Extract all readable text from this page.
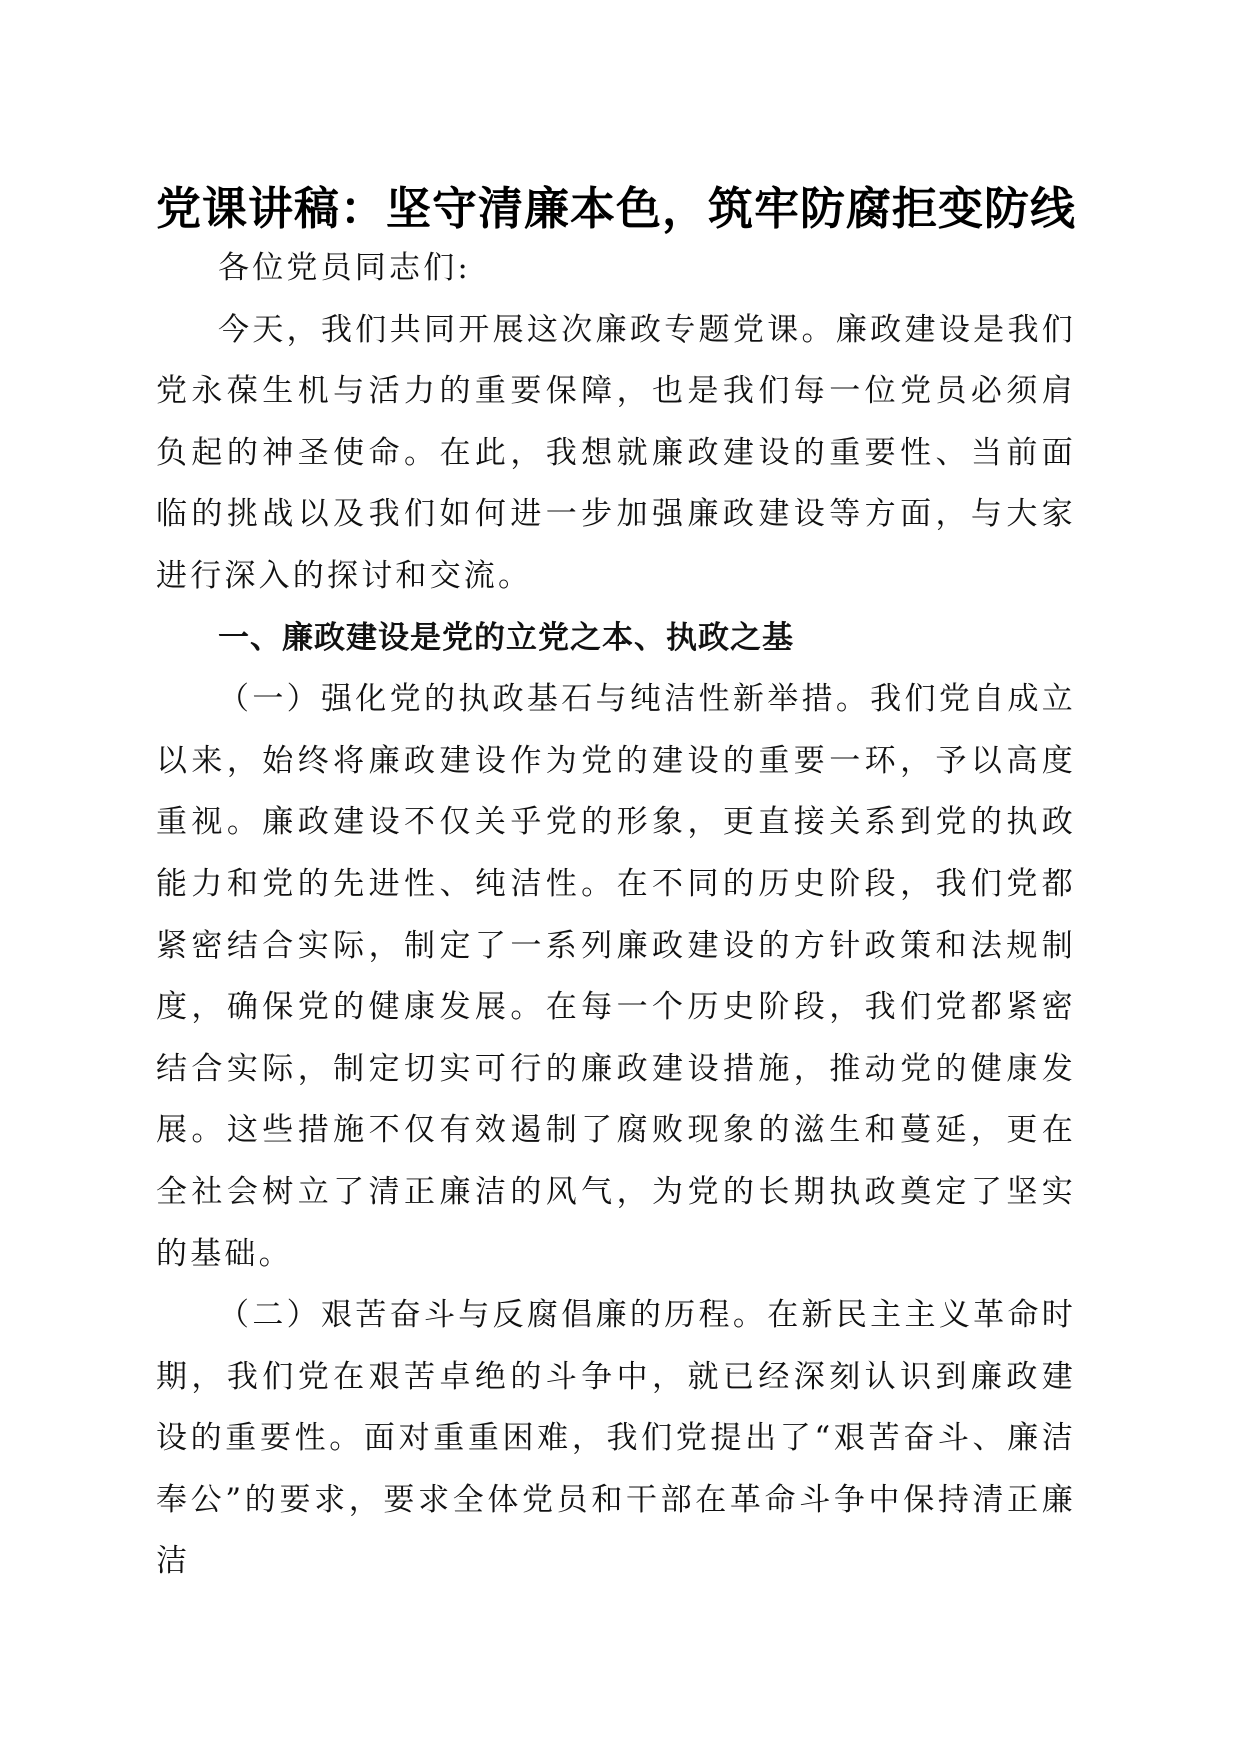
党课讲稿：坚守清廉本色，筑牢防腐拒变防线

各位党员同志们:

今天，我们共同开展这次廉政专题党课。廉政建设是我们党永葆生机与活力的重要保障，也是我们每一位党员必须肩负起的神圣使命。在此，我想就廉政建设的重要性、当前面临的挑战以及我们如何进一步加强廉政建设等方面，与大家进行深入的探讨和交流。

一、廉政建设是党的立党之本、执政之基

（一）强化党的执政基石与纯洁性新举措。我们党自成立以来，始终将廉政建设作为党的建设的重要一环，予以高度重视。廉政建设不仅关乎党的形象，更直接关系到党的执政能力和党的先进性、纯洁性。在不同的历史阶段，我们党都紧密结合实际，制定了一系列廉政建设的方针政策和法规制度，确保党的健康发展。在每一个历史阶段，我们党都紧密结合实际，制定切实可行的廉政建设措施，推动党的健康发展。这些措施不仅有效遏制了腐败现象的滋生和蔓延，更在全社会树立了清正廉洁的风气，为党的长期执政奠定了坚实的基础。

（二）艰苦奋斗与反腐倡廉的历程。在新民主主义革命时期，我们党在艰苦卓绝的斗争中，就已经深刻认识到廉政建设的重要性。面对重重困难，我们党提出了“艰苦奋斗、廉洁奉公”的要求，要求全体党员和干部在革命斗争中保持清正廉洁
